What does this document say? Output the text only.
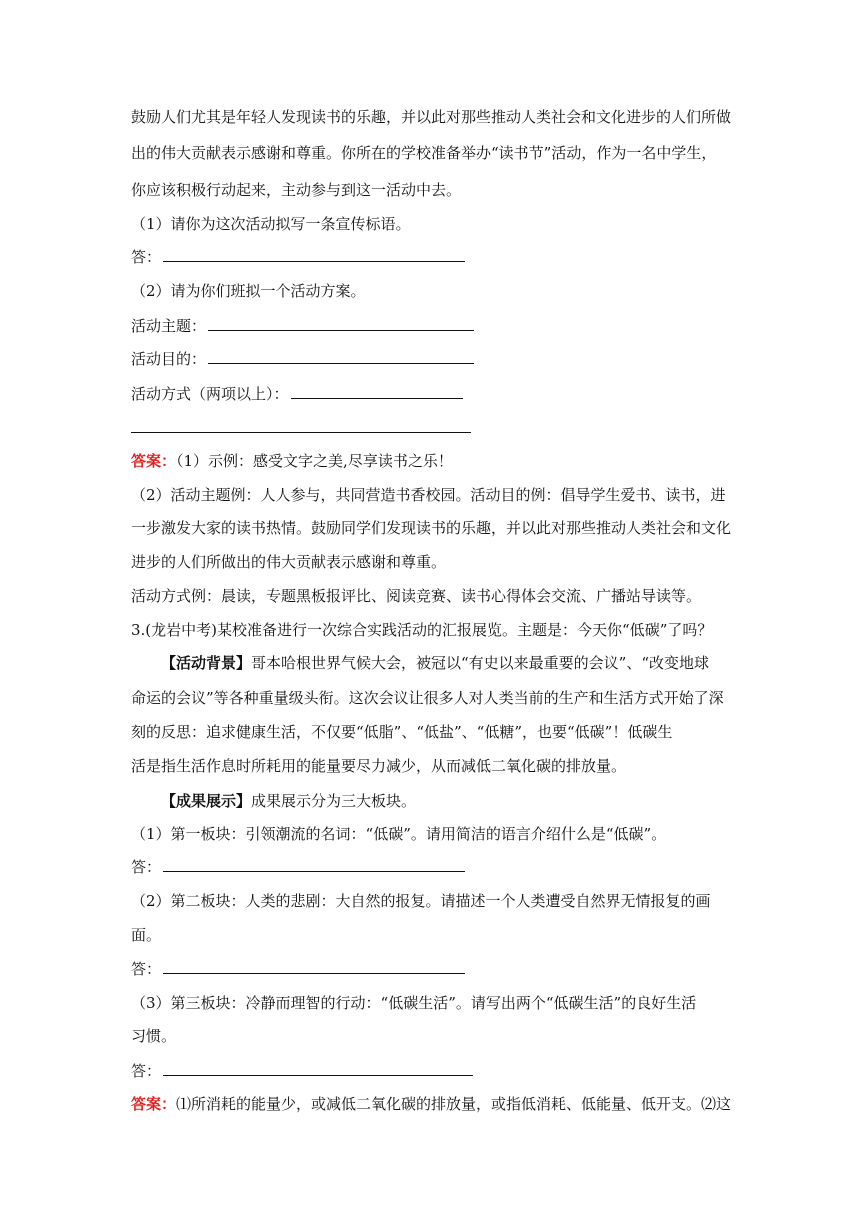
鼓励人们尤其是年轻人发现读书的乐趣，并以此对那些推动人类社会和文化进步的人们所做
出的伟大贡献表示感谢和尊重。你所在的学校准备举办“读书节”活动，作为一名中学生，
你应该积极行动起来，主动参与到这一活动中去。
（1）请你为这次活动拟写一条宣传标语。
答：
（2）请为你们班拟一个活动方案。
活动主题：
活动目的：
活动方式（两项以上）：
答案：（1）示例：感受文字之美,尽享读书之乐！
（2）活动主题例：人人参与，共同营造书香校园。活动目的例：倡导学生爱书、读书，进
一步激发大家的读书热情。鼓励同学们发现读书的乐趣，并以此对那些推动人类社会和文化
进步的人们所做出的伟大贡献表示感谢和尊重。
活动方式例：晨读，专题黑板报评比、阅读竞赛、读书心得体会交流、广播站导读等。
3.(龙岩中考)某校准备进行一次综合实践活动的汇报展览。主题是：今天你“低碳”了吗？
【活动背景】哥本哈根世界气候大会，被冠以“有史以来最重要的会议”、“改变地球
命运的会议”等各种重量级头衔。这次会议让很多人对人类当前的生产和生活方式开始了深
刻的反思：追求健康生活，不仅要“低脂”、“低盐”、“低糖”，也要“低碳”！低碳生
活是指生活作息时所耗用的能量要尽力减少，从而减低二氧化碳的排放量。
【成果展示】成果展示分为三大板块。
（1）第一板块：引领潮流的名词：“低碳”。请用简洁的语言介绍什么是“低碳”。
答：
（2）第二板块：人类的悲剧：大自然的报复。请描述一个人类遭受自然界无情报复的画
面。
答：
（3）第三板块：冷静而理智的行动：“低碳生活”。请写出两个“低碳生活”的良好生活
习惯。
答：
答案：⑴所消耗的能量少，或减低二氧化碳的排放量，或指低消耗、低能量、低开支。⑵这
